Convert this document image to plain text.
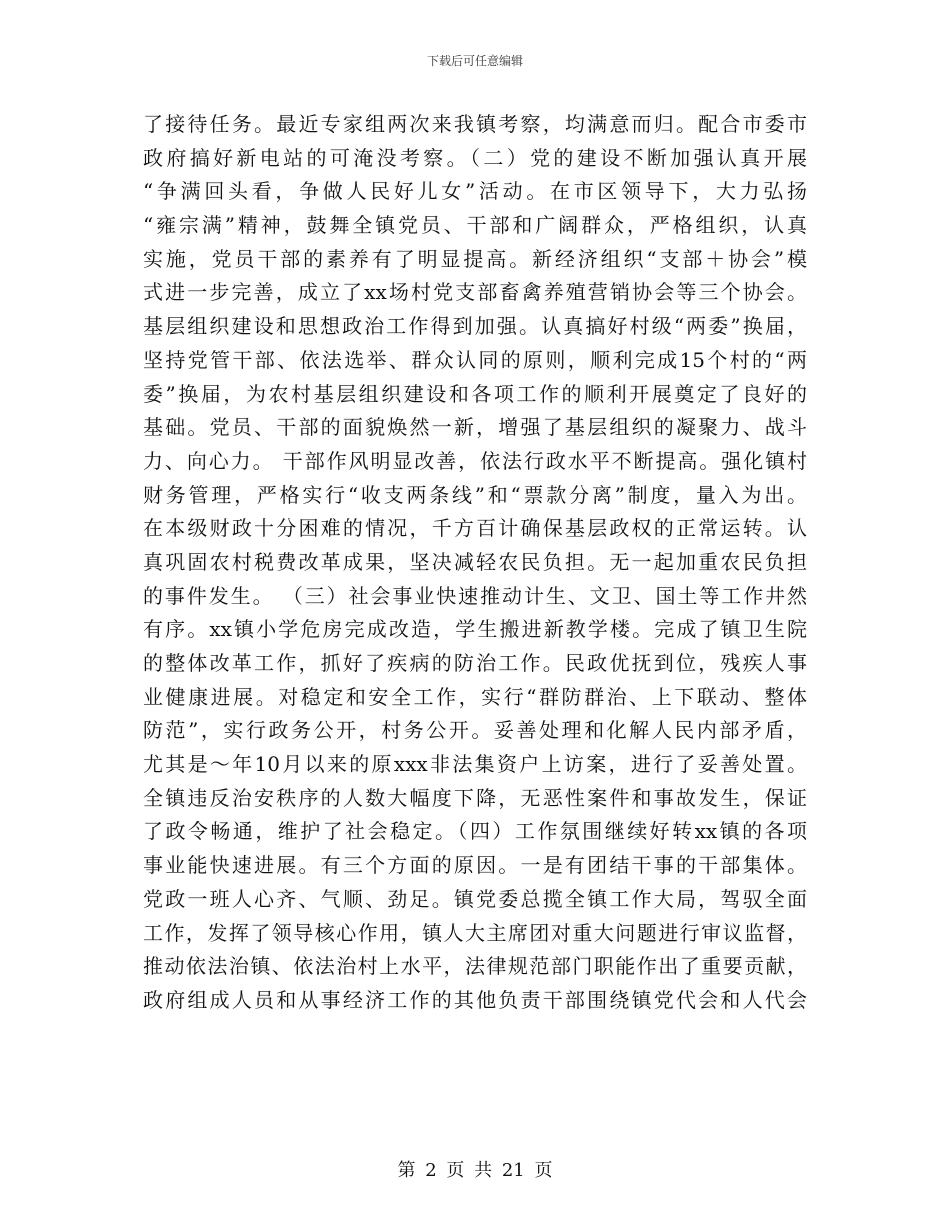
下载后可任意编辑
了接待任务。最近专家组两次来我镇考察，均满意而归。配合市委市
政府搞好新电站的可淹没考察。（二）党的建设不断加强认真开展
“争满回头看，争做人民好儿女”活动。在市区领导下，大力弘扬
“雍宗满”精神，鼓舞全镇党员、干部和广阔群众，严格组织，认真
实施，党员干部的素养有了明显提高。新经济组织“支部＋协会”模
式进一步完善，成立了xx场村党支部畜禽养殖营销协会等三个协会。
基层组织建设和思想政治工作得到加强。认真搞好村级“两委”换届，
坚持党管干部、依法选举、群众认同的原则，顺利完成15个村的“两
委”换届，为农村基层组织建设和各项工作的顺利开展奠定了良好的
基础。党员、干部的面貌焕然一新，增强了基层组织的凝聚力、战斗
力、向心力。 干部作风明显改善，依法行政水平不断提高。强化镇村
财务管理，严格实行“收支两条线”和“票款分离”制度，量入为出。
在本级财政十分困难的情况，千方百计确保基层政权的正常运转。认
真巩固农村税费改革成果，坚决减轻农民负担。无一起加重农民负担
的事件发生。 （三）社会事业快速推动计生、文卫、国土等工作井然
有序。xx镇小学危房完成改造，学生搬进新教学楼。完成了镇卫生院
的整体改革工作，抓好了疾病的防治工作。民政优抚到位，残疾人事
业健康进展。对稳定和安全工作，实行“群防群治、上下联动、整体
防范”，实行政务公开，村务公开。妥善处理和化解人民内部矛盾，
尤其是～年10月以来的原xxx非法集资户上访案，进行了妥善处置。
全镇违反治安秩序的人数大幅度下降，无恶性案件和事故发生，保证
了政令畅通，维护了社会稳定。（四）工作氛围继续好转xx镇的各项
事业能快速进展。有三个方面的原因。一是有团结干事的干部集体。
党政一班人心齐、气顺、劲足。镇党委总揽全镇工作大局，驾驭全面
工作，发挥了领导核心作用，镇人大主席团对重大问题进行审议监督，
推动依法治镇、依法治村上水平，法律规范部门职能作出了重要贡献，
政府组成人员和从事经济工作的其他负责干部围绕镇党代会和人代会
第 2 页 共 21 页
